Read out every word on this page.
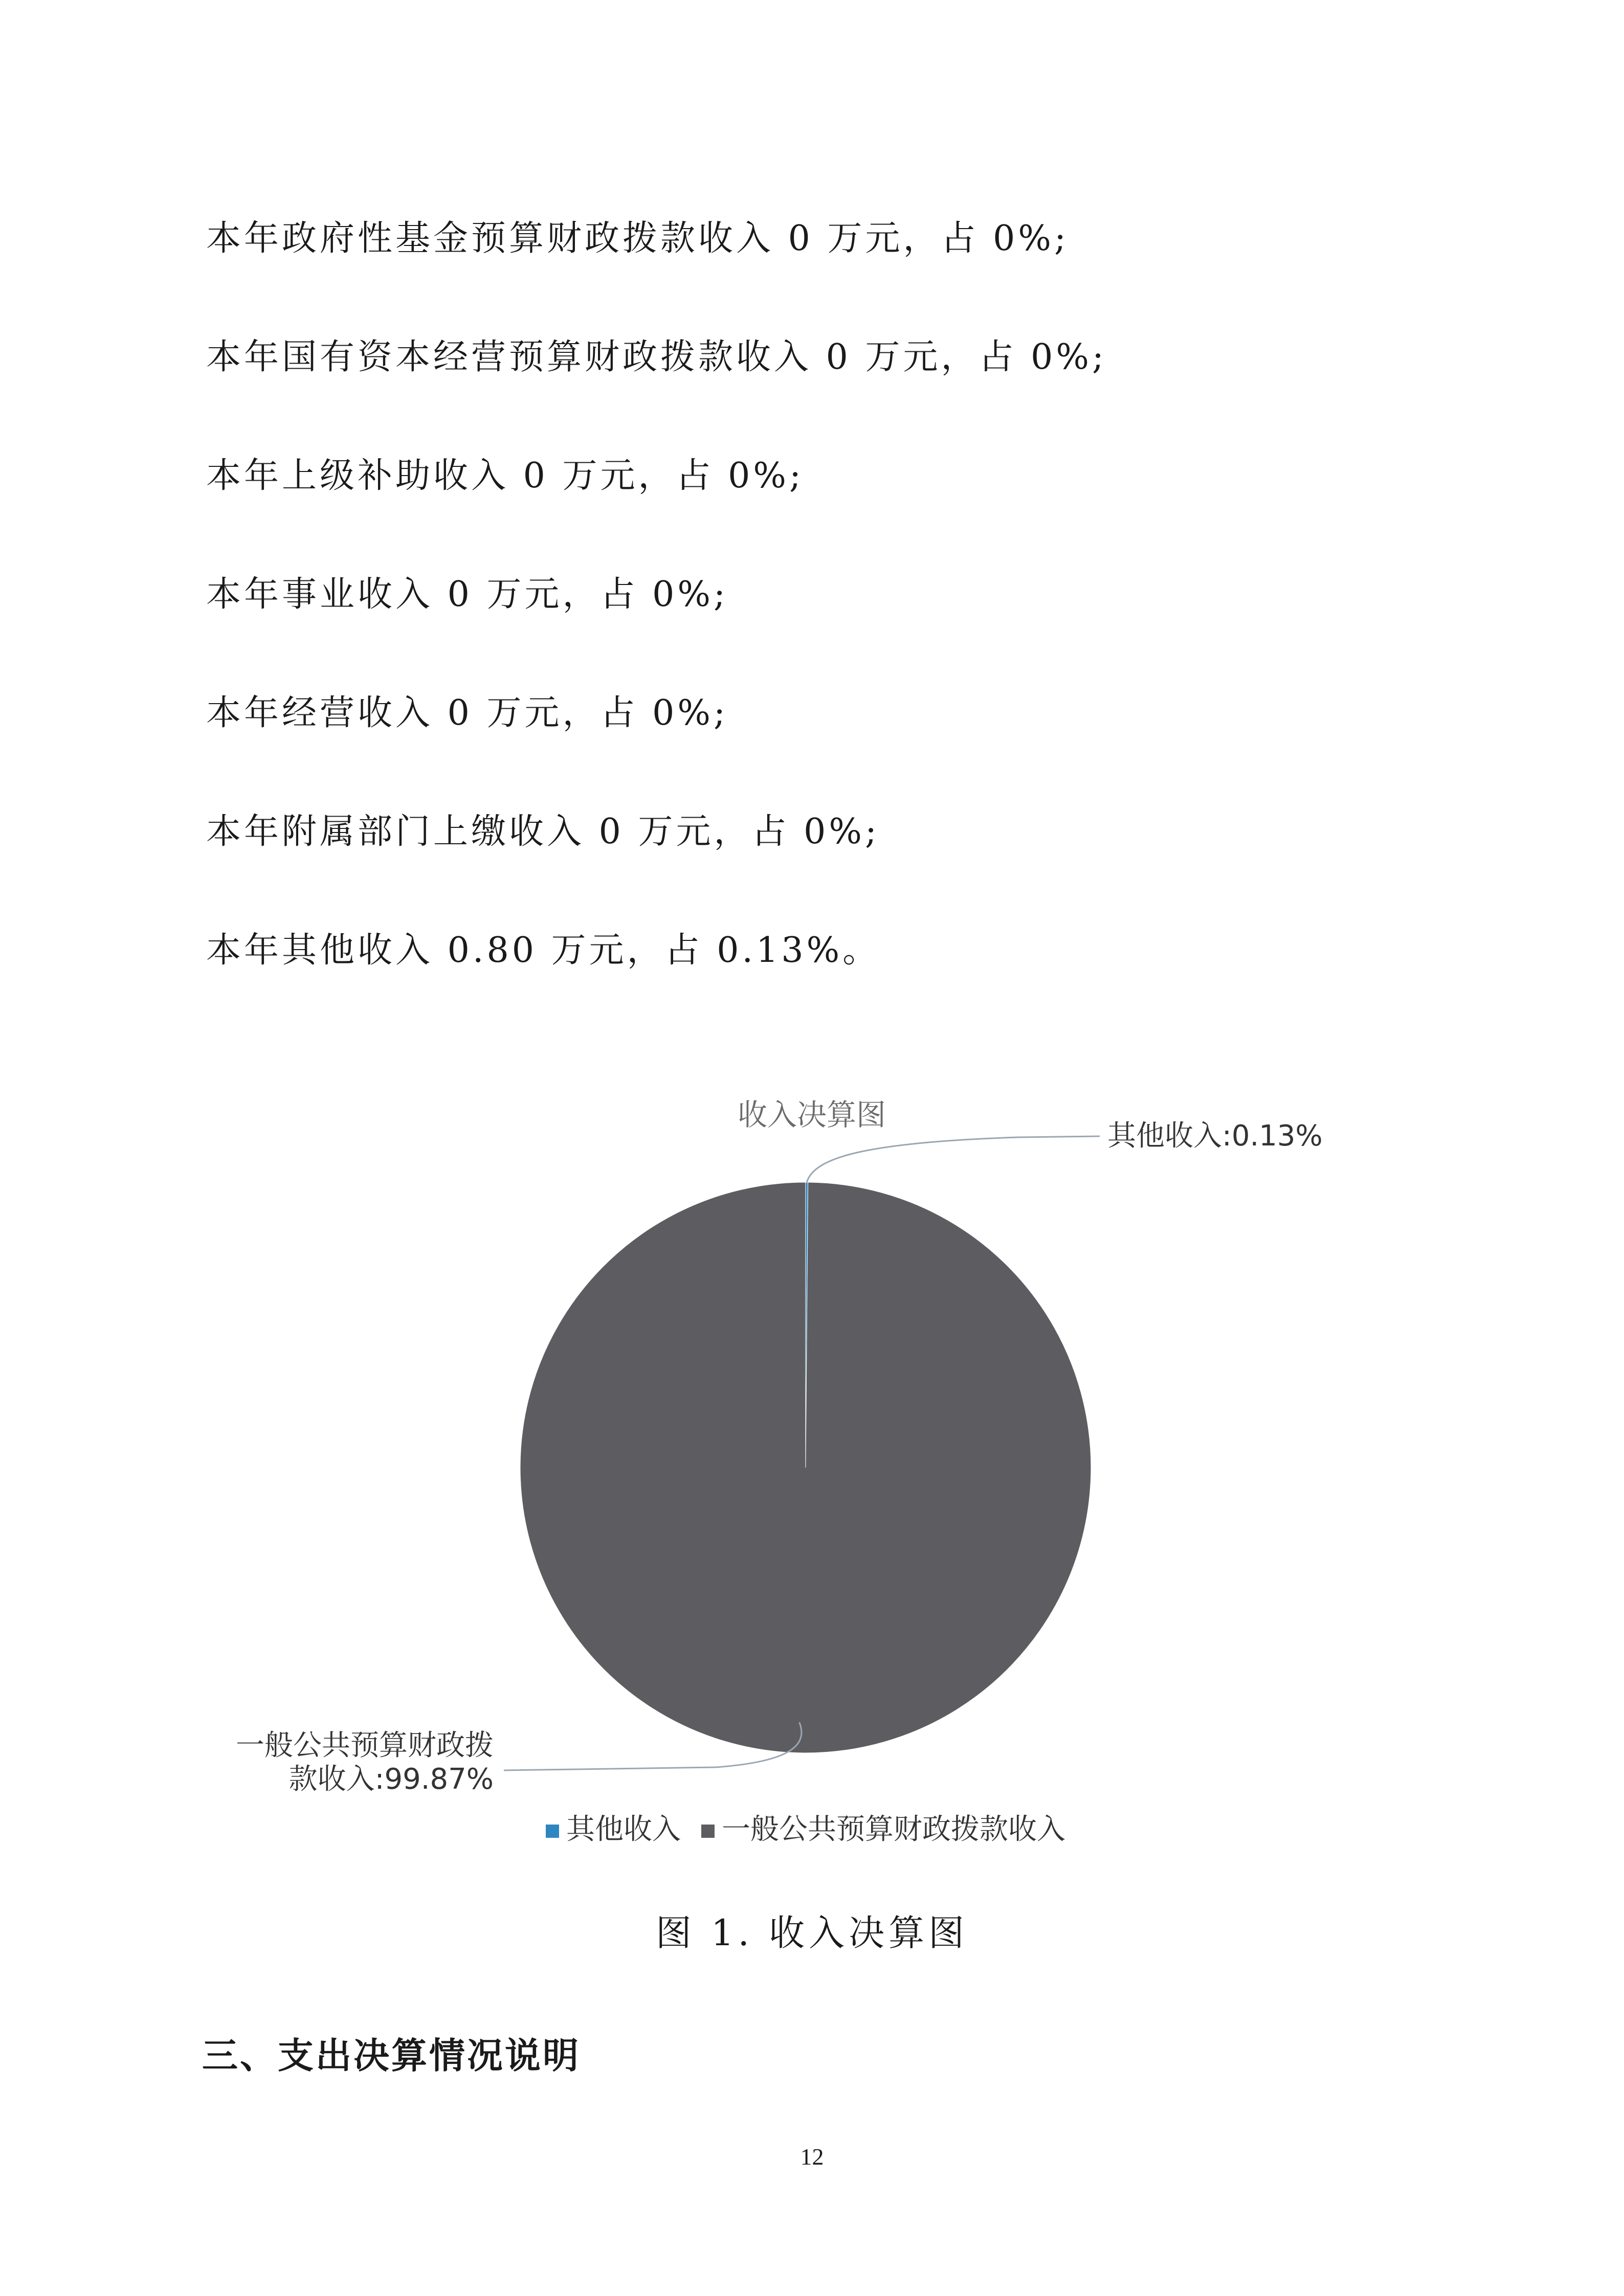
本年政府性基金预算财政拨款收入 0 万元，占 0%;
本年国有资本经营预算财政拨款收入 0 万元，占 0%;
本年上级补助收入 0 万元，占 0%;
本年事业收入 0 万元，占 0%;
本年经营收入 0 万元，占 0%;
本年附属部门上缴收入 0 万元，占 0%;
本年其他收入 0.80 万元，占 0.13%。
收入决算图
其他收入:0.13%
一般公共预算财政拨
款收入:99.87%
其他收入 一般公共预算财政拨款收入
图 1. 收入决算图
三、支出决算情况说明
12
